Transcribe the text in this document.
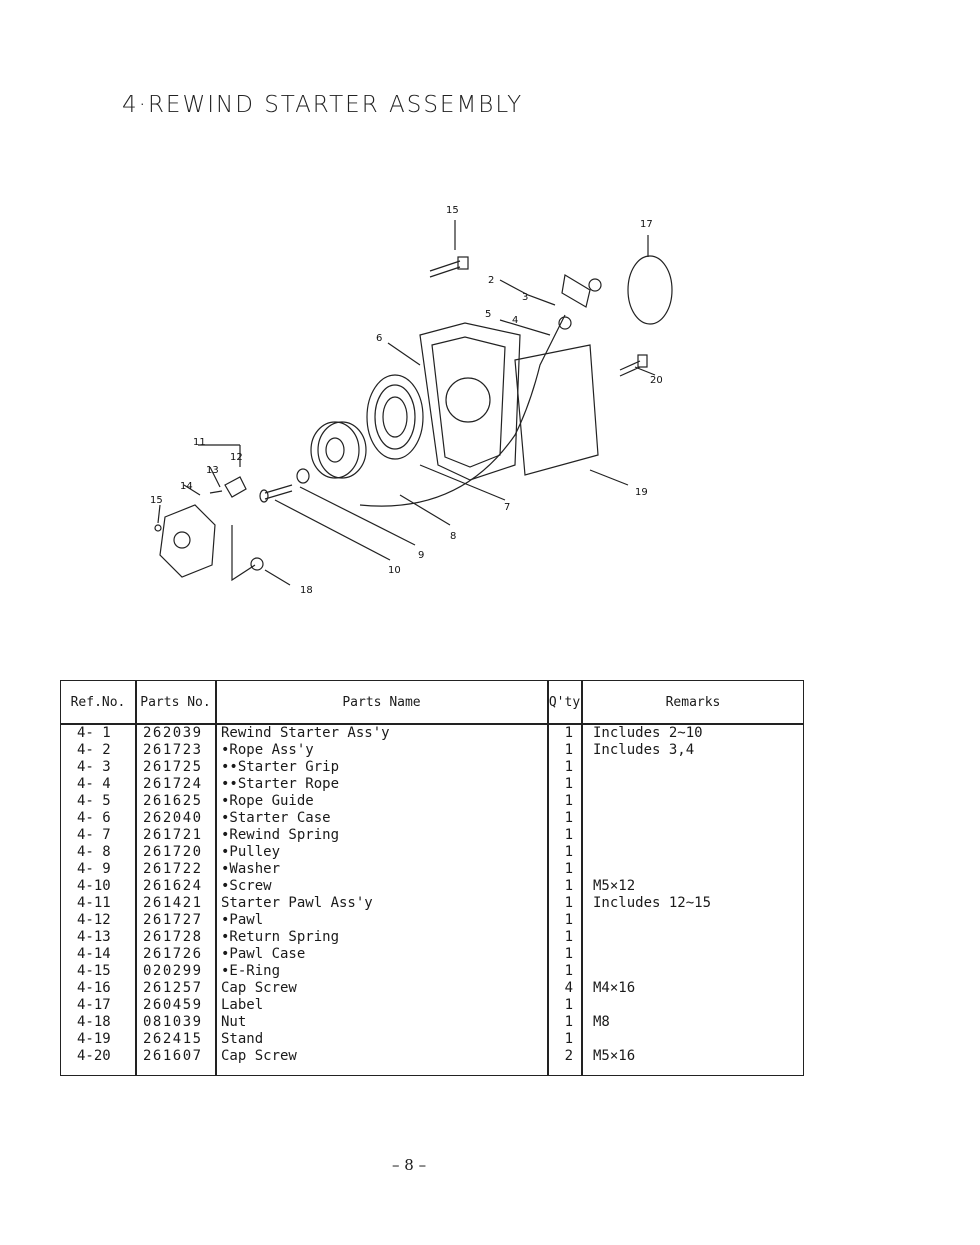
4·REWIND STARTER ASSEMBLY
15
17
2
3
4
5
6
20
19
7
8
9
10
11
12
13
14
15
18
Ref.No.	Parts No.	Parts Name	Q'ty	Remarks
4- 1	262039	Rewind Starter Ass'y	1 Includes 2~10
4- 2	261723	•Rope Ass'y	1 Includes 3,4
4- 3	261725	••Starter Grip	1
4- 4	261724	••Starter Rope	1
4- 5	261625	•Rope Guide	1
4- 6	262040	•Starter Case	1
4- 7	261721	•Rewind Spring	1
4- 8	261720	•Pulley	1
4- 9	261722	•Washer	1
4-10	261624	•Screw	1 M5×12
4-11	261421	Starter Pawl Ass'y	1 Includes 12~15
4-12	261727	•Pawl	1
4-13	261728	•Return Spring	1
4-14	261726	•Pawl Case	1
4-15	020299	•E-Ring	1
4-16	261257	Cap Screw	4 M4×16
4-17	260459	Label	1
4-18	081039	Nut	1 M8
4-19	262415	Stand	1
4-20	261607	Cap Screw	2 M5×16
– 8 –
